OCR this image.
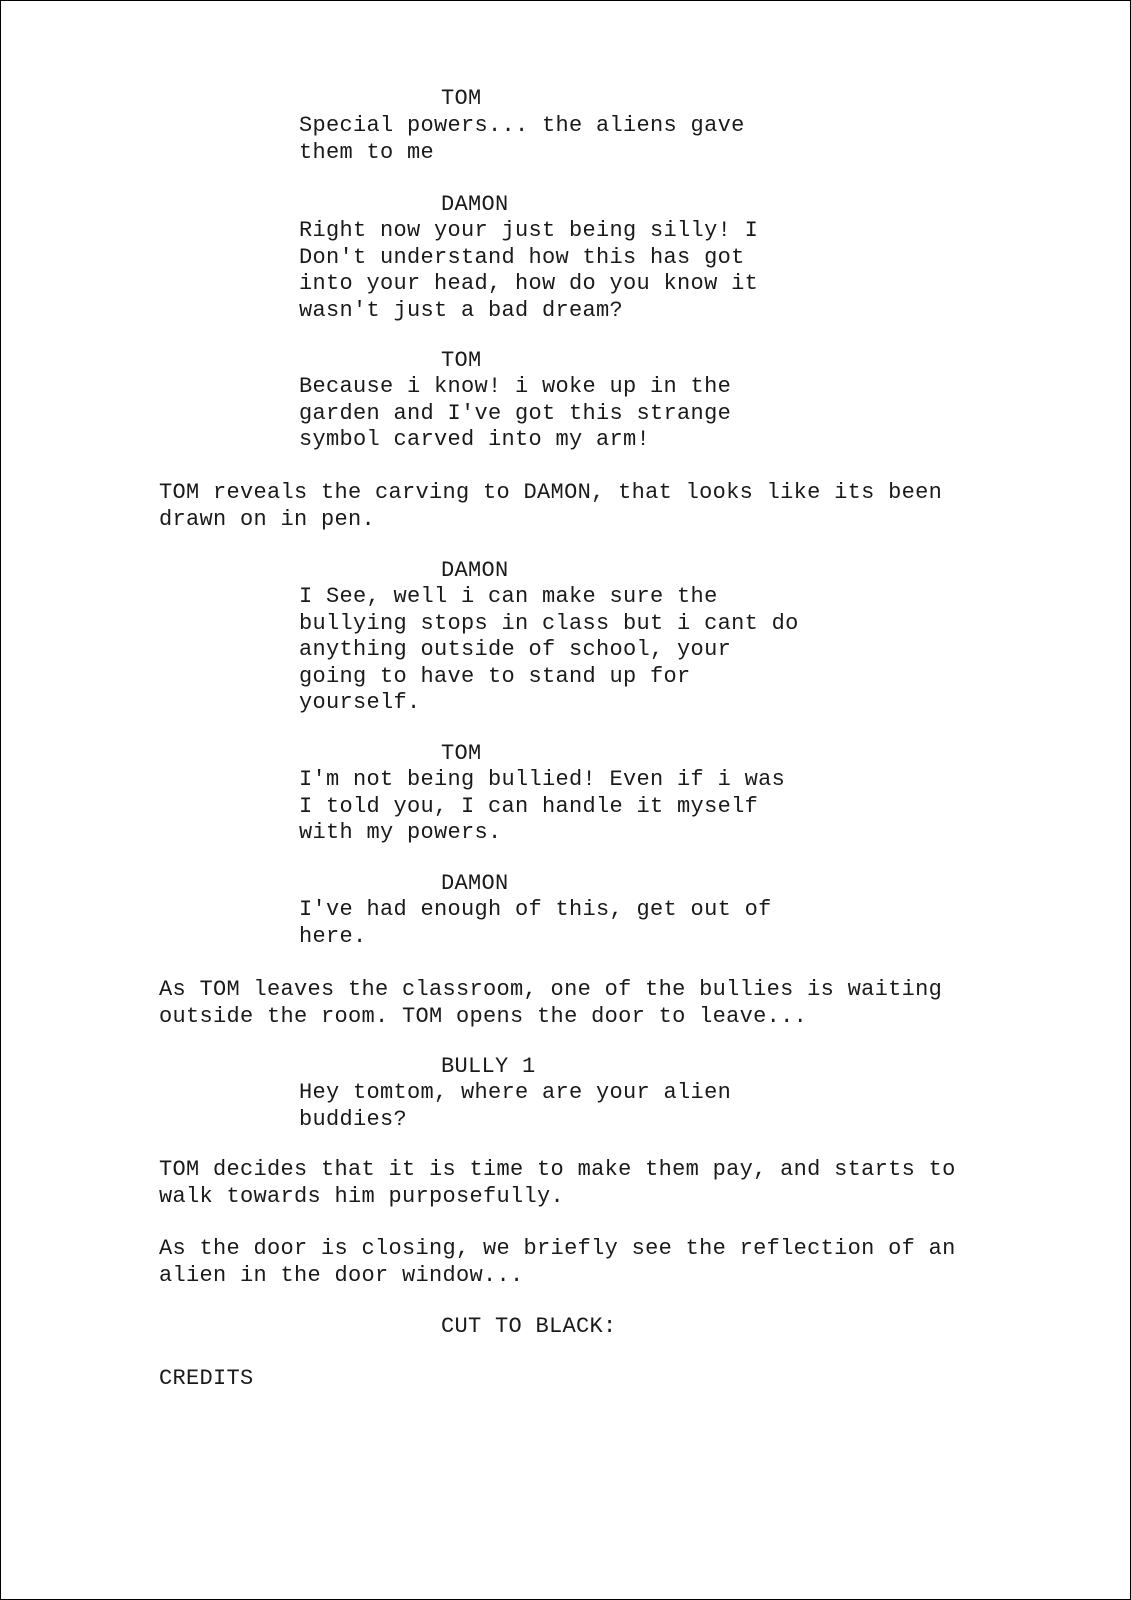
TOM
Special powers... the aliens gave
them to me
DAMON
Right now your just being silly! I
Don't understand how this has got
into your head, how do you know it
wasn't just a bad dream?
TOM
Because i know! i woke up in the
garden and I've got this strange
symbol carved into my arm!
TOM reveals the carving to DAMON, that looks like its been
drawn on in pen.
DAMON
I See, well i can make sure the
bullying stops in class but i cant do
anything outside of school, your
going to have to stand up for
yourself.
TOM
I'm not being bullied! Even if i was
I told you, I can handle it myself
with my powers.
DAMON
I've had enough of this, get out of
here.
As TOM leaves the classroom, one of the bullies is waiting
outside the room. TOM opens the door to leave...
BULLY 1
Hey tomtom, where are your alien
buddies?
TOM decides that it is time to make them pay, and starts to
walk towards him purposefully.
As the door is closing, we briefly see the reflection of an
alien in the door window...
CUT TO BLACK:
CREDITS
